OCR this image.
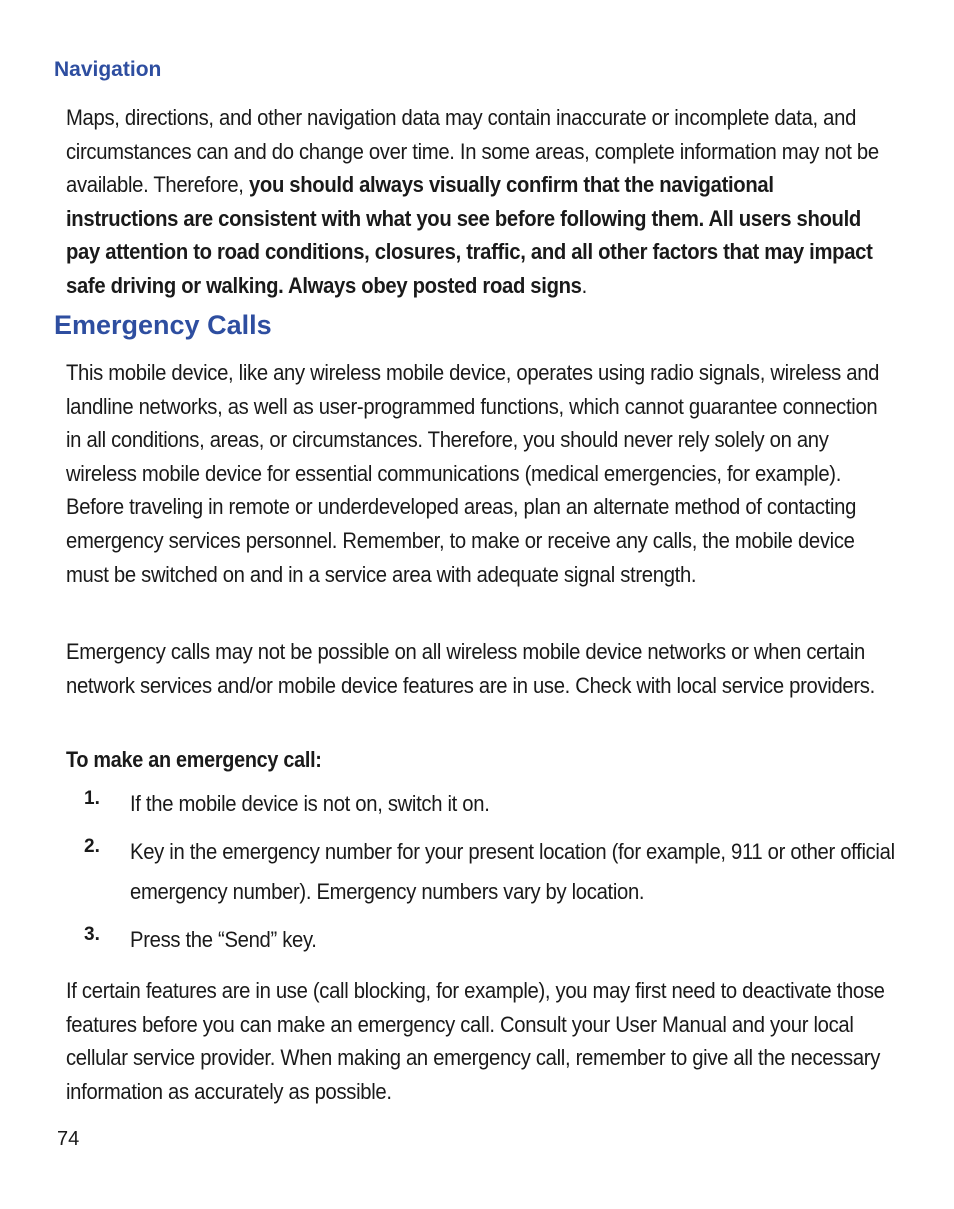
Navigation

Maps, directions, and other navigation data may contain inaccurate or incomplete data, and circumstances can and do change over time. In some areas, complete information may not be available. Therefore, you should always visually confirm that the navigational instructions are consistent with what you see before following them. All users should pay attention to road conditions, closures, traffic, and all other factors that may impact safe driving or walking. Always obey posted road signs.

Emergency Calls

This mobile device, like any wireless mobile device, operates using radio signals, wireless and landline networks, as well as user-programmed functions, which cannot guarantee connection in all conditions, areas, or circumstances. Therefore, you should never rely solely on any wireless mobile device for essential communications (medical emergencies, for example). Before traveling in remote or underdeveloped areas, plan an alternate method of contacting emergency services personnel. Remember, to make or receive any calls, the mobile device must be switched on and in a service area with adequate signal strength.

Emergency calls may not be possible on all wireless mobile device networks or when certain network services and/or mobile device features are in use. Check with local service providers.

To make an emergency call:

1. If the mobile device is not on, switch it on.
2. Key in the emergency number for your present location (for example, 911 or other official emergency number). Emergency numbers vary by location.
3. Press the “Send” key.

If certain features are in use (call blocking, for example), you may first need to deactivate those features before you can make an emergency call. Consult your User Manual and your local cellular service provider. When making an emergency call, remember to give all the necessary information as accurately as possible.

74
